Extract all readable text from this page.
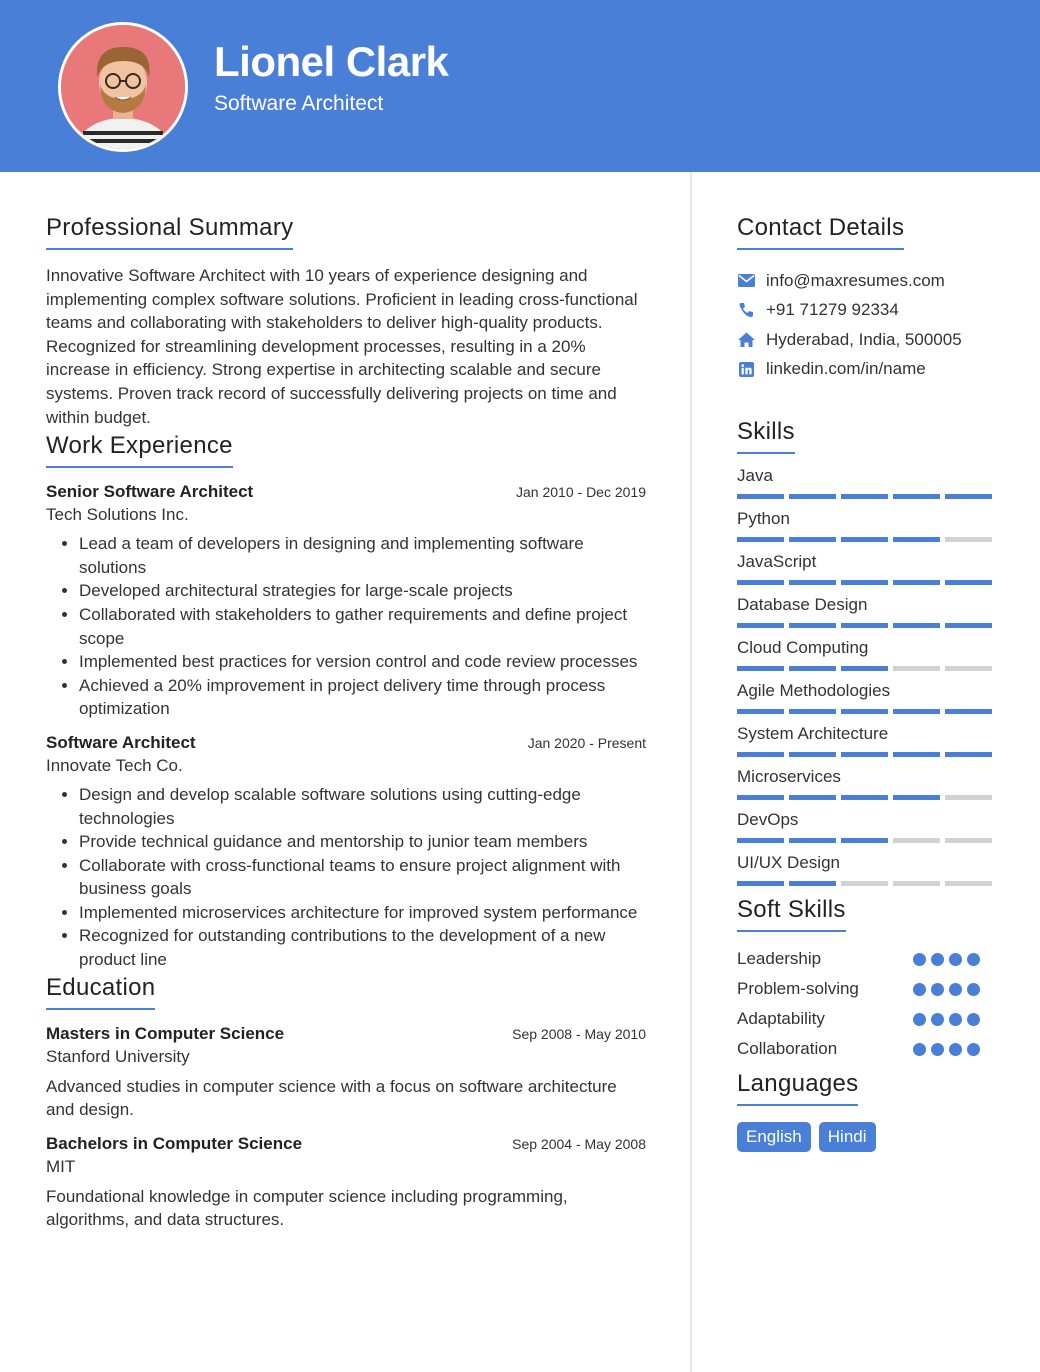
Lionel Clark
Software Architect
Professional Summary

Innovative Software Architect with 10 years of experience designing and implementing complex software solutions. Proficient in leading cross-functional teams and collaborating with stakeholders to deliver high-quality products. Recognized for streamlining development processes, resulting in a 20% increase in efficiency. Strong expertise in architecting scalable and secure systems. Proven track record of successfully delivering projects on time and within budget.

Work Experience
Senior Software Architect	Jan 2010 - Dec 2019
Tech Solutions Inc.
• Lead a team of developers in designing and implementing software solutions
• Developed architectural strategies for large-scale projects
• Collaborated with stakeholders to gather requirements and define project scope
• Implemented best practices for version control and code review processes
• Achieved a 20% improvement in project delivery time through process optimization
Software Architect	Jan 2020 - Present
Innovate Tech Co.
• Design and develop scalable software solutions using cutting-edge technologies
• Provide technical guidance and mentorship to junior team members
• Collaborate with cross-functional teams to ensure project alignment with business goals
• Implemented microservices architecture for improved system performance
• Recognized for outstanding contributions to the development of a new product line
Education
Masters in Computer Science	Sep 2008 - May 2010
Stanford University

Advanced studies in computer science with a focus on software architecture and design.

Bachelors in Computer Science	Sep 2004 - May 2008
MIT

Foundational knowledge in computer science including programming, algorithms, and data structures.

Contact Details
info@maxresumes.com
+91 71279 92334
Hyderabad, India, 500005
linkedin.com/in/name
Skills
Java
Python
JavaScript
Database Design
Cloud Computing
Agile Methodologies
System Architecture
Microservices
DevOps
UI/UX Design
Soft Skills
Leadership
Problem-solving
Adaptability
Collaboration
Languages
English	Hindi
